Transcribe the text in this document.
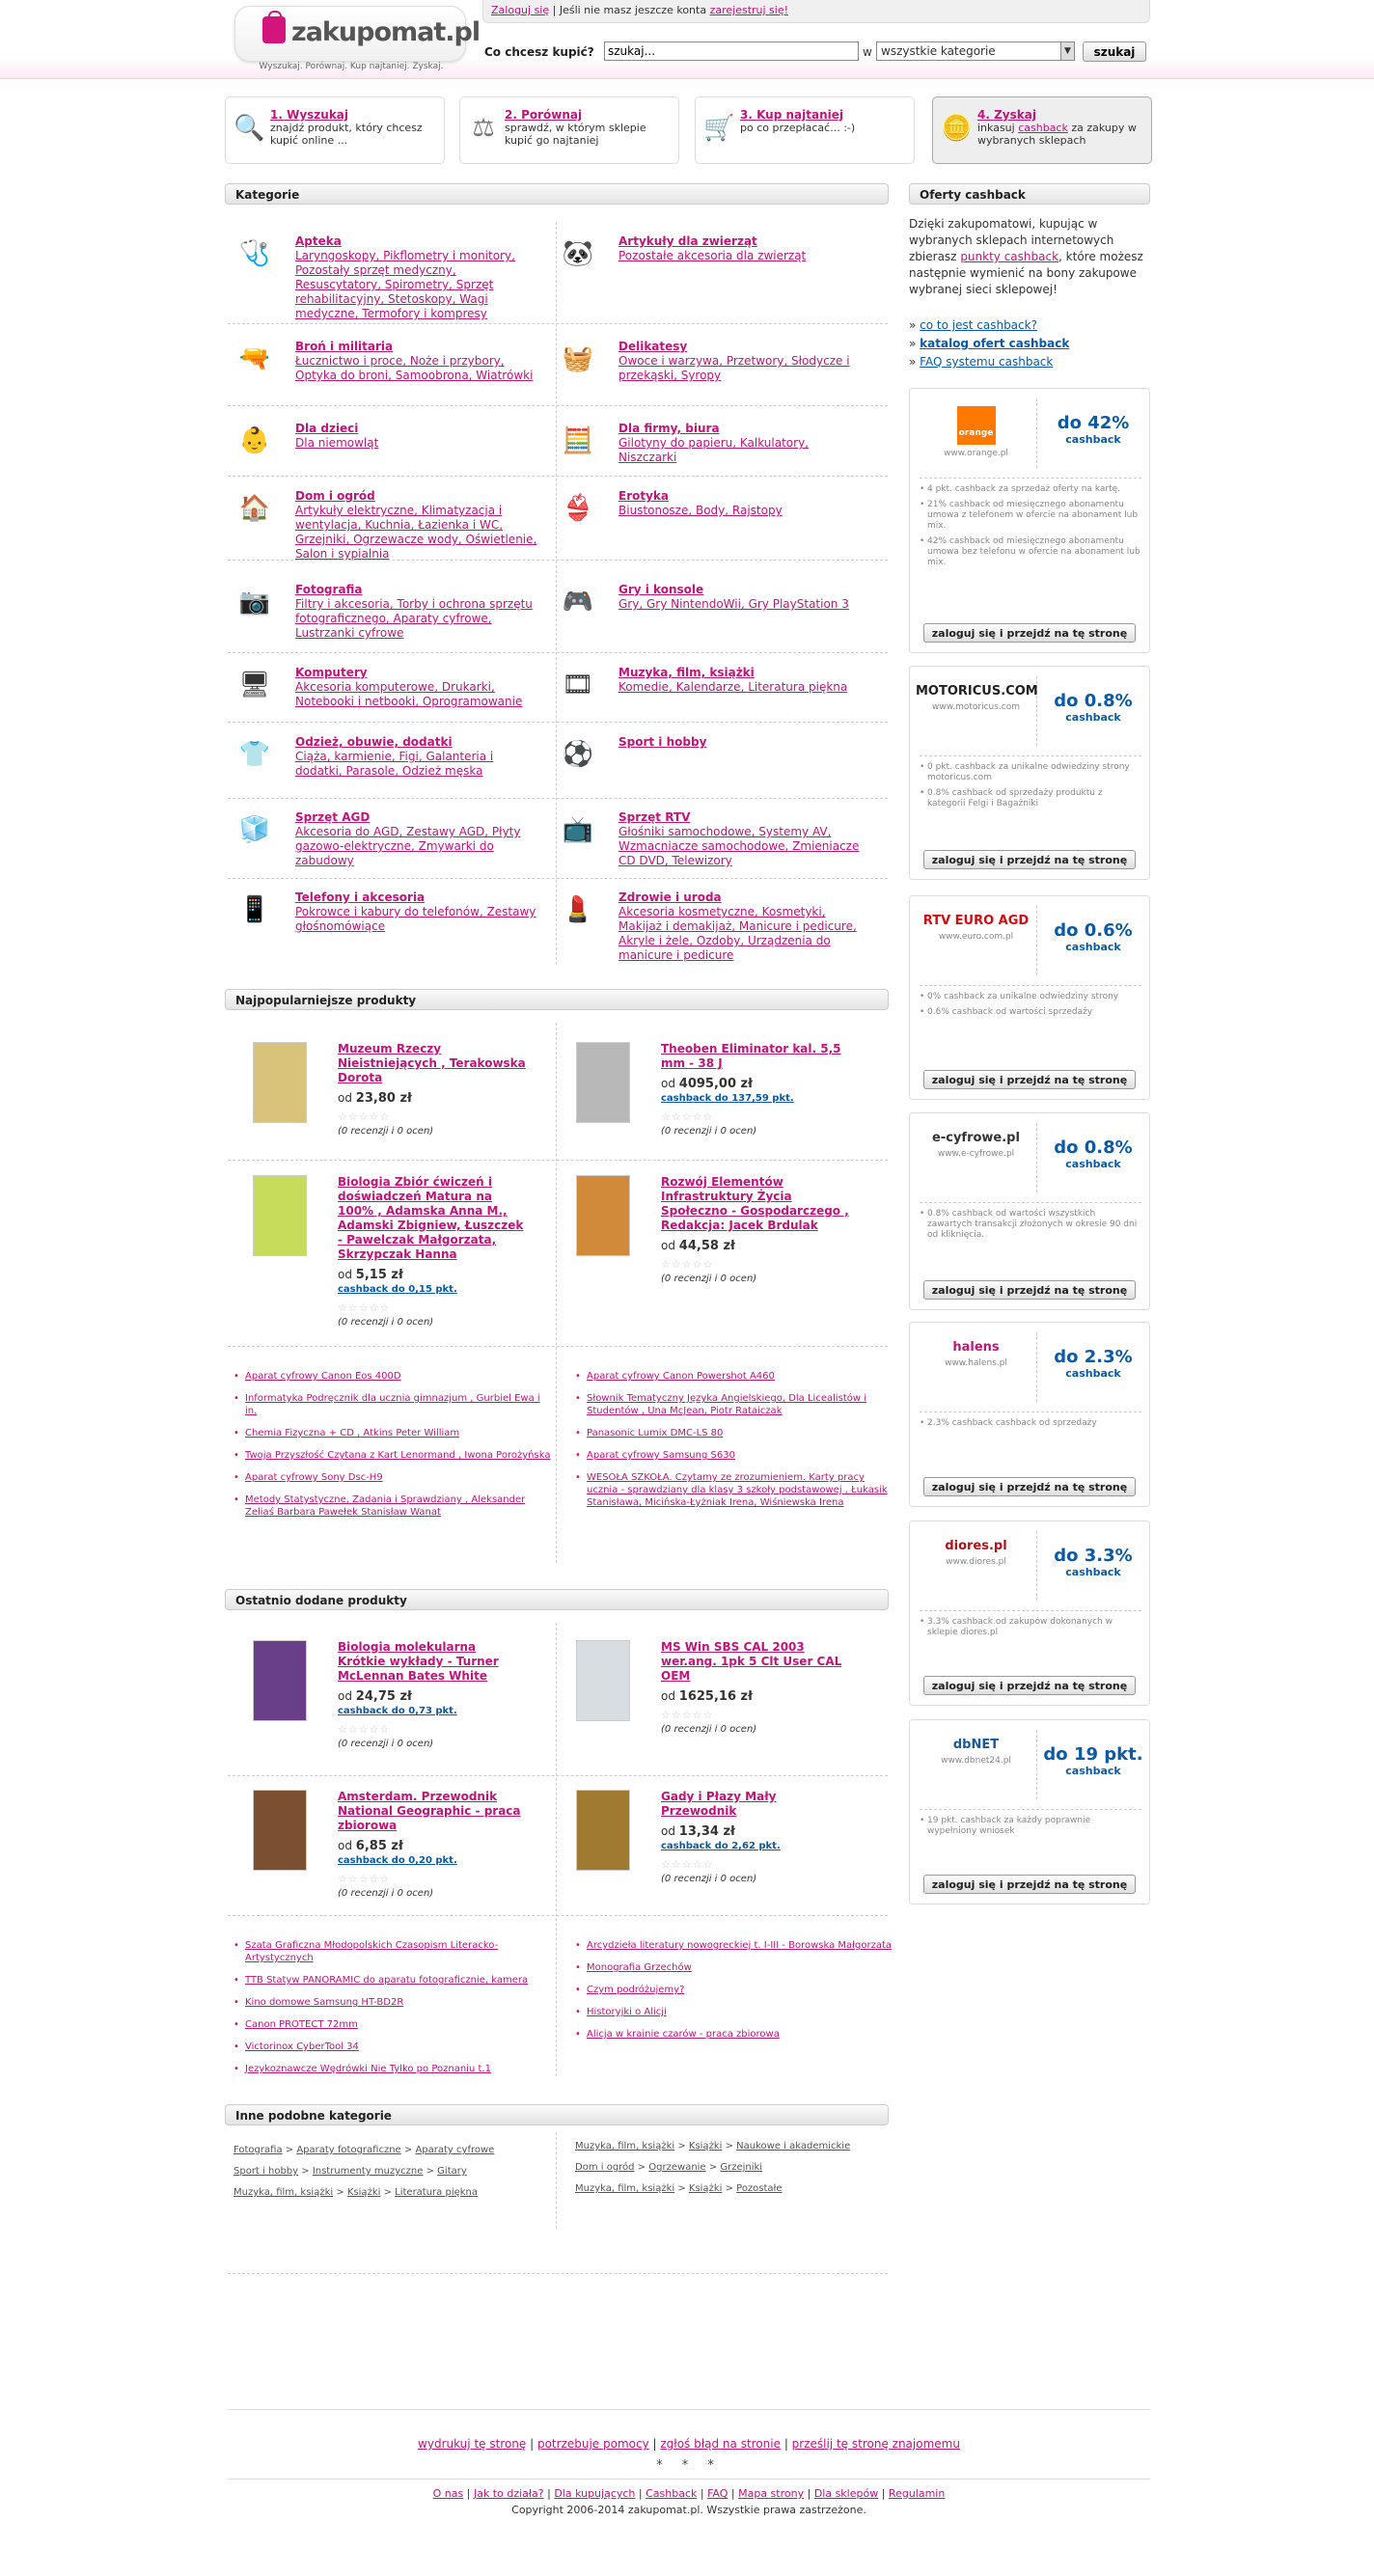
zakupomat.pl
Wyszukaj. Porównaj. Kup najtaniej. Zyskaj.
Zaloguj się | Jeśli nie masz jeszcze konta zarejestruj się!
Co chcesz kupić?
szukaj...	w wszystkie kategorie	▼	szukaj
🔍 1. Wyszukaj
znajdź produkt, który chcesz kupić online ...	⚖ 2. Porównaj
sprawdź, w którym sklepie kupić go najtaniej	🛒 3. Kup najtaniej
po co przepłacać... :-)	🪙 4. Zyskaj
inkasuj cashback za zakupy w wybranych sklepach
Kategorie
🩺	Apteka
Laryngoskopy, Pikflometry i monitory, Pozostały sprzęt medyczny, Resuscytatory, Spirometry, Sprzęt rehabilitacyjny, Stetoskopy, Wagi medyczne, Termofory i kompresy
🐼	Artykuły dla zwierząt
Pozostałe akcesoria dla zwierząt
🔫	Broń i militaria
Łucznictwo i proce, Noże i przybory, Optyka do broni, Samoobrona, Wiatrówki
🧺	Delikatesy
Owoce i warzywa, Przetwory, Słodycze i przekąski, Syropy
👶	Dla dzieci
Dla niemowląt	🧮	Dla firmy, biura
Gilotyny do papieru, Kalkulatory, Niszczarki
🏠	Dom i ogród
Artykuły elektryczne, Klimatyzacja i wentylacja, Kuchnia, Łazienka i WC, Grzejniki, Ogrzewacze wody, Oświetlenie, Salon i sypialnia
👙	Erotyka
Biustonosze, Body, Rajstopy
📷	Fotografia
Filtry i akcesoria, Torby i ochrona sprzętu fotograficznego, Aparaty cyfrowe, Lustrzanki cyfrowe
🎮	Gry i konsole
Gry, Gry NintendoWii, Gry PlayStation 3
🖥	Komputery
Akcesoria komputerowe, Drukarki, Notebooki i netbooki, Oprogramowanie
🎞	Muzyka, film, książki
Komedie, Kalendarze, Literatura piękna
👕	Odzież, obuwie, dodatki
Ciąża, karmienie, Figi, Galanteria i dodatki, Parasole, Odzież męska
⚽	Sport i hobby
🧊	Sprzęt AGD
Akcesoria do AGD, Zestawy AGD, Płyty gazowo-elektryczne, Zmywarki do zabudowy
📺	Sprzęt RTV
Głośniki samochodowe, Systemy AV, Wzmacniacze samochodowe, Zmieniacze CD DVD, Telewizory
📱	Telefony i akcesoria
Pokrowce i kabury do telefonów, Zestawy głośnomówiące
💄	Zdrowie i uroda
Akcesoria kosmetyczne, Kosmetyki, Makijaż i demakijaż, Manicure i pedicure, Akryle i żele, Ozdoby, Urządzenia do manicure i pedicure
Najpopularniejsze produkty
Muzeum Rzeczy Nieistniejących , Terakowska Dorota
od 23,80 zł
☆☆☆☆☆
(0 recenzji i 0 ocen)
Theoben Eliminator kal. 5,5 mm - 38 J
od 4095,00 zł
cashback do 137,59 pkt.
☆☆☆☆☆
(0 recenzji i 0 ocen)
Biologia Zbiór ćwiczeń i doświadczeń Matura na 100% , Adamska Anna M., Adamski Zbigniew, Łuszczek - Pawelczak Małgorzata, Skrzypczak Hanna
od 5,15 zł
cashback do 0,15 pkt.
☆☆☆☆☆
(0 recenzji i 0 ocen)
Rozwój Elementów Infrastruktury Życia Społeczno - Gospodarczego , Redakcja: Jacek Brdulak
od 44,58 zł
☆☆☆☆☆
(0 recenzji i 0 ocen)
• Aparat cyfrowy Canon Eos 400D
• Informatyka Podręcznik dla ucznia gimnazjum , Gurbiel Ewa i in.
• Chemia Fizyczna + CD , Atkins Peter William
• Twoja Przyszłość Czytana z Kart Lenormand , Iwona Porożyńska
• Aparat cyfrowy Sony Dsc-H9
• Metody Statystyczne, Zadania i Sprawdziany , Aleksander Zeliaś Barbara Pawełek Stanisław Wanat
• Aparat cyfrowy Canon Powershot A460
• Słownik Tematyczny Języka Angielskiego, Dla Licealistów i Studentów , Una McJean, Piotr Rataiczak
• Panasonic Lumix DMC-LS 80
• Aparat cyfrowy Samsung S630
• WESOŁA SZKOŁA. Czytamy ze zrozumieniem. Karty pracy ucznia - sprawdziany dla klasy 3 szkoły podstawowej , Łukasik Stanisława, Micińska-Łyżniak Irena, Wiśniewska Irena
Ostatnio dodane produkty
Biologia molekularna Krótkie wykłady - Turner McLennan Bates White
od 24,75 zł
cashback do 0,73 pkt.
☆☆☆☆☆
(0 recenzji i 0 ocen)
MS Win SBS CAL 2003 wer.ang. 1pk 5 Clt User CAL OEM
od 1625,16 zł
☆☆☆☆☆
(0 recenzji i 0 ocen)
Amsterdam. Przewodnik National Geographic - praca zbiorowa
od 6,85 zł
cashback do 0,20 pkt.
☆☆☆☆☆
(0 recenzji i 0 ocen)
Gady i Płazy Mały Przewodnik
od 13,34 zł
cashback do 2,62 pkt.
☆☆☆☆☆
(0 recenzji i 0 ocen)
• Szata Graficzna Młodopolskich Czasopism Literacko-Artystycznych
• TTB Statyw PANORAMIC do aparatu fotograficznie, kamera
• Kino domowe Samsung HT-BD2R
• Canon PROTECT 72mm
• Victorinox CyberTool 34
• Jezykoznawcze Wędrówki Nie Tylko po Poznaniu t.1
• Arcydzieła literatury nowogreckiej t. I-III - Borowska Małgorzata
• Monografia Grzechów
• Czym podróżujemy?
• Historyjki o Alicji
• Alicja w krainie czarów - praca zbiorowa
Inne podobne kategorie
Fotografia > Aparaty fotograficzne > Aparaty cyfrowe
Sport i hobby > Instrumenty muzyczne > Gitary
Muzyka, film, książki > Książki > Literatura piękna
Muzyka, film, książki > Książki > Naukowe i akademickie
Dom i ogród > Ogrzewanie > Grzejniki
Muzyka, film, książki > Książki > Pozostałe
Oferty cashback
Dzięki zakupomatowi, kupując w wybranych sklepach internetowych zbierasz punkty cashback, które możesz następnie wymienić na bony zakupowe wybranej sieci sklepowej!
» co to jest cashback?
» katalog ofert cashback
» FAQ systemu cashback
orange
www.orange.pl
do 42%
cashback
• 4 pkt. cashback za sprzedaż oferty na kartę.
• 21% cashback od miesięcznego abonamentu umowa z telefonem w ofercie na abonament lub mix.
• 42% cashback od miesięcznego abonamentu umowa bez telefonu w ofercie na abonament lub mix.
zaloguj się i przejdź na tę stronę
MOTORICUS.COM
www.motoricus.com	do 0.8%
cashback
• 0 pkt. cashback za unikalne odwiedziny strony motoricus.com
• 0.8% cashback od sprzedaży produktu z kategorii Felgi i Bagażniki
zaloguj się i przejdź na tę stronę
RTV EURO AGD
www.euro.com.pl	do 0.6%
cashback
• 0% cashback za unikalne odwiedziny strony
• 0.6% cashback od wartości sprzedaży
zaloguj się i przejdź na tę stronę
e-cyfrowe.pl
www.e-cyfrowe.pl	do 0.8%
cashback
• 0.8% cashback od wartości wszystkich zawartych transakcji złożonych w okresie 90 dni od kliknięcia.
zaloguj się i przejdź na tę stronę
halens
www.halens.pl	do 2.3%
cashback
• 2.3% cashback cashback od sprzedaży
zaloguj się i przejdź na tę stronę
diores.pl
www.diores.pl	do 3.3%
cashback
• 3.3% cashback od zakupów dokonanych w sklepie diores.pl
zaloguj się i przejdź na tę stronę
dbNET
www.dbnet24.pl	do 19 pkt.
cashback
• 19 pkt. cashback za każdy poprawnie wypełniony wniosek
zaloguj się i przejdź na tę stronę
wydrukuj tę stronę | potrzebuje pomocy | zgłoś błąd na stronie | prześlij tę stronę znajomemu
* * *
O nas | Jak to działa? | Dla kupujących | Cashback | FAQ | Mapa strony | Dla sklepów | Regulamin
Copyright 2006-2014 zakupomat.pl. Wszystkie prawa zastrzeżone.
